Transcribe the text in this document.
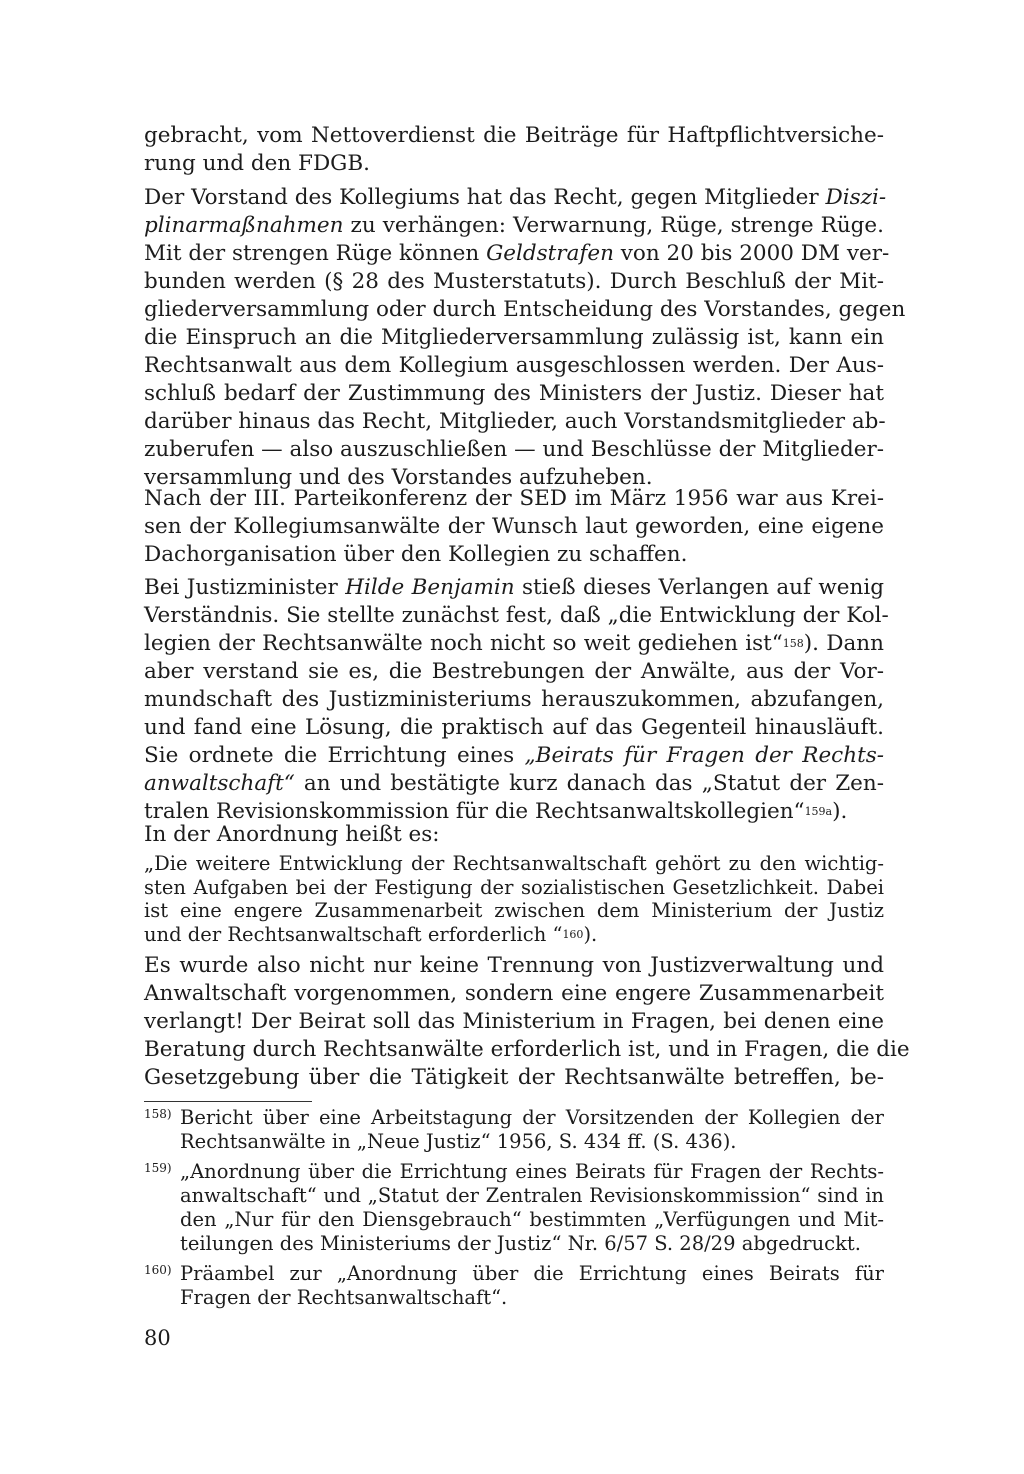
gebracht, vom Nettoverdienst die Beiträge für Haftpflichtversiche-
rung und den FDGB.
Der Vorstand des Kollegiums hat das Recht, gegen Mitglieder Diszi-
plinarmaßnahmen zu verhängen: Verwarnung, Rüge, strenge Rüge.
Mit der strengen Rüge können Geldstrafen von 20 bis 2000 DM ver-
bunden werden (§ 28 des Musterstatuts). Durch Beschluß der Mit-
gliederversammlung oder durch Entscheidung des Vorstandes, gegen
die Einspruch an die Mitgliederversammlung zulässig ist, kann ein
Rechtsanwalt aus dem Kollegium ausgeschlossen werden. Der Aus-
schluß bedarf der Zustimmung des Ministers der Justiz. Dieser hat
darüber hinaus das Recht, Mitglieder, auch Vorstandsmitglieder ab-
zuberufen — also auszuschließen — und Beschlüsse der Mitglieder-
versammlung und des Vorstandes aufzuheben.
Nach der III. Parteikonferenz der SED im März 1956 war aus Krei-
sen der Kollegiumsanwälte der Wunsch laut geworden, eine eigene
Dachorganisation über den Kollegien zu schaffen.
Bei Justizminister Hilde Benjamin stieß dieses Verlangen auf wenig
Verständnis. Sie stellte zunächst fest, daß „die Entwicklung der Kol-
legien der Rechtsanwälte noch nicht so weit gediehen ist“$^{158}$). Dann
aber verstand sie es, die Bestrebungen der Anwälte, aus der Vor-
mundschaft des Justizministeriums herauszukommen, abzufangen,
und fand eine Lösung, die praktisch auf das Gegenteil hinausläuft.
Sie ordnete die Errichtung eines „Beirats für Fragen der Rechts-
anwaltschaft“ an und bestätigte kurz danach das „Statut der Zen-
tralen Revisionskommission für die Rechtsanwaltskollegien“$^{159a}$).
In der Anordnung heißt es:
„Die weitere Entwicklung der Rechtsanwaltschaft gehört zu den wichtig-
sten Aufgaben bei der Festigung der sozialistischen Gesetzlichkeit. Dabei
ist eine engere Zusammenarbeit zwischen dem Ministerium der Justiz
und der Rechtsanwaltschaft erforderlich “$^{160}$).
Es wurde also nicht nur keine Trennung von Justizverwaltung und
Anwaltschaft vorgenommen, sondern eine engere Zusammenarbeit
verlangt! Der Beirat soll das Ministerium in Fragen, bei denen eine
Beratung durch Rechtsanwälte erforderlich ist, und in Fragen, die die
Gesetzgebung über die Tätigkeit der Rechtsanwälte betreffen, be-
158) Bericht über eine Arbeitstagung der Vorsitzenden der Kollegien der
Rechtsanwälte in „Neue Justiz“ 1956, S. 434 ff. (S. 436).
159) „Anordnung über die Errichtung eines Beirats für Fragen der Rechts-
anwaltschaft“ und „Statut der Zentralen Revisionskommission“ sind in
den „Nur für den Diensgebrauch“ bestimmten „Verfügungen und Mit-
teilungen des Ministeriums der Justiz“ Nr. 6/57 S. 28/29 abgedruckt.
160) Präambel zur „Anordnung über die Errichtung eines Beirats für
Fragen der Rechtsanwaltschaft“.
80
